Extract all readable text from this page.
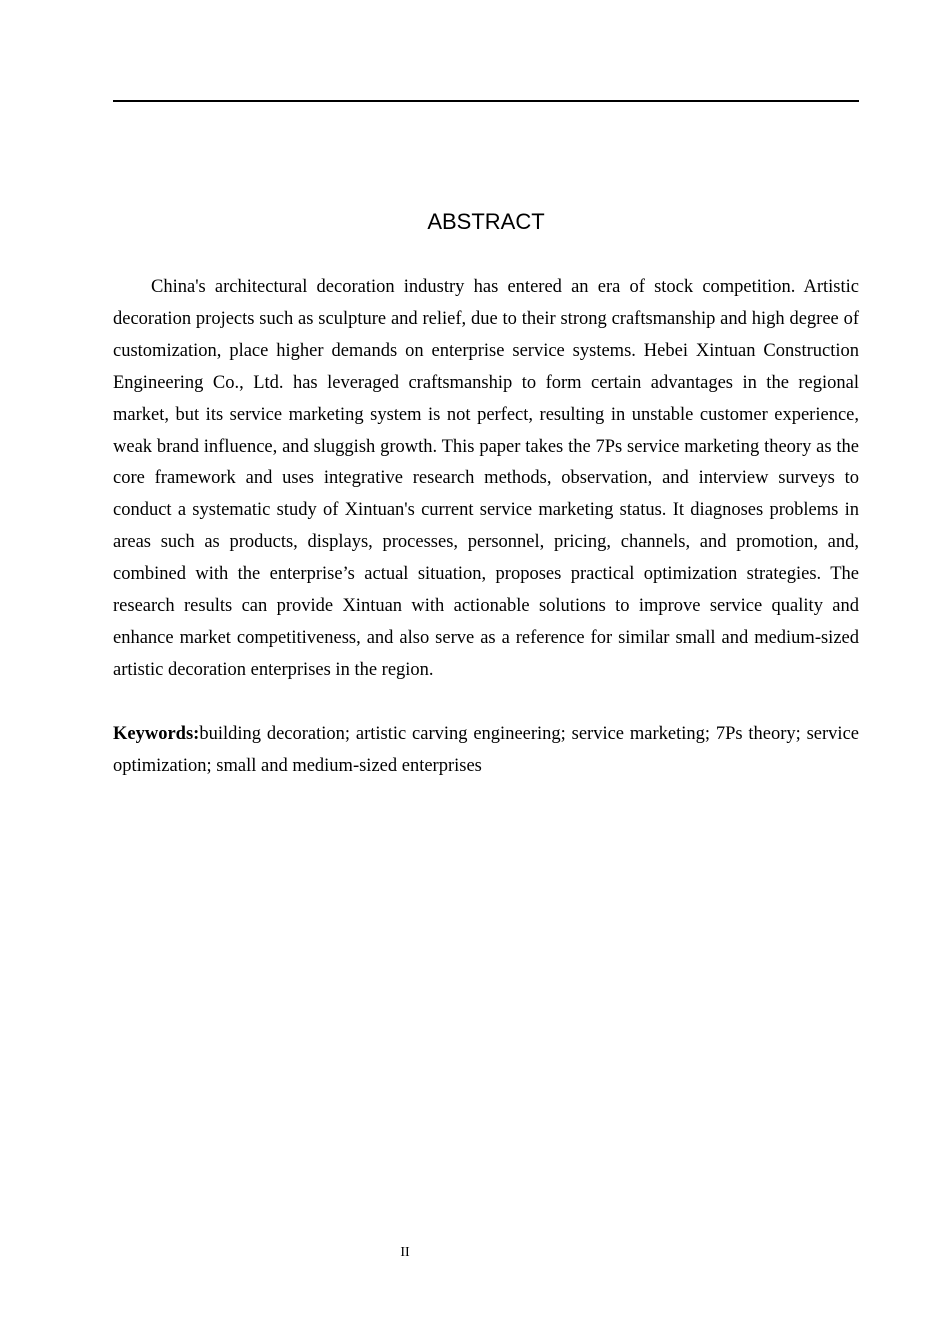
ABSTRACT

China's architectural decoration industry has entered an era of stock competition. Artistic decoration projects such as sculpture and relief, due to their strong craftsmanship and high degree of customization, place higher demands on enterprise service systems. Hebei Xintuan Construction Engineering Co., Ltd. has leveraged craftsmanship to form certain advantages in the regional market, but its service marketing system is not perfect, resulting in unstable customer experience, weak brand influence, and sluggish growth. This paper takes the 7Ps service marketing theory as the core framework and uses integrative research methods, observation, and interview surveys to conduct a systematic study of Xintuan's current service marketing status. It diagnoses problems in areas such as products, displays, processes, personnel, pricing, channels, and promotion, and, combined with the enterprise’s actual situation, proposes practical optimization strategies. The research results can provide Xintuan with actionable solutions to improve service quality and enhance market competitiveness, and also serve as a reference for similar small and medium-sized artistic decoration enterprises in the region.

Keywords:building decoration; artistic carving engineering; service marketing; 7Ps theory; service optimization; small and medium-sized enterprises

II
